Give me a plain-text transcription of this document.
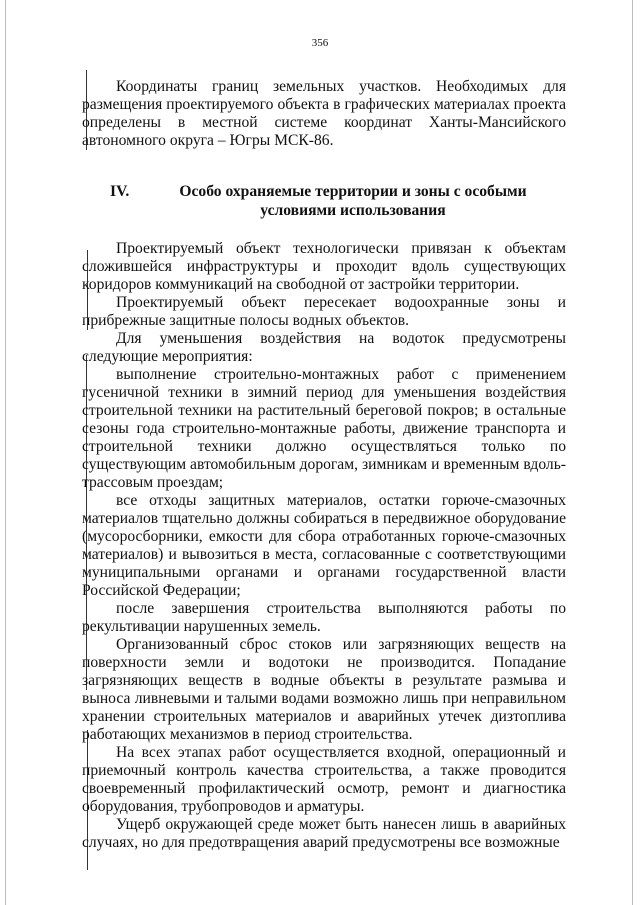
356

Координаты границ земельных участков. Необходимых для размещения проектируемого объекта в графических материалах проекта определены в местной системе координат Ханты-Мансийского автономного округа – Югры МСК-86.

IV.	Особо охраняемые территории и зоны с особыми условиями использования

Проектируемый объект технологически привязан к объектам сложившейся инфраструктуры и проходит вдоль существующих коридоров коммуникаций на свободной от застройки территории.

Проектируемый объект пересекает водоохранные зоны и прибрежные защитные полосы водных объектов.

Для уменьшения воздействия на водоток предусмотрены следующие мероприятия:

выполнение строительно-монтажных работ с применением гусеничной техники в зимний период для уменьшения воздействия строительной техники на растительный береговой покров; в остальные сезоны года строительно-монтажные работы, движение транспорта и строительной техники должно осуществляться только по существующим автомобильным дорогам, зимникам и временным вдоль-трассовым проездам;

все отходы защитных материалов, остатки горюче-смазочных материалов тщательно должны собираться в передвижное оборудование (мусоросборники, емкости для сбора отработанных горюче-смазочных материалов) и вывозиться в места, согласованные с соответствующими муниципальными органами и органами государственной власти Российской Федерации;

после завершения строительства выполняются работы по рекультивации нарушенных земель.

Организованный сброс стоков или загрязняющих веществ на поверхности земли и водотоки не производится. Попадание загрязняющих веществ в водные объекты в результате размыва и выноса ливневыми и талыми водами возможно лишь при неправильном хранении строительных материалов и аварийных утечек дизтоплива работающих механизмов в период строительства.

На всех этапах работ осуществляется входной, операционный и приемочный контроль качества строительства, а также проводится своевременный профилактический осмотр, ремонт и диагностика оборудования, трубопроводов и арматуры.

Ущерб окружающей среде может быть нанесен лишь в аварийных случаях, но для предотвращения аварий предусмотрены все возможные
